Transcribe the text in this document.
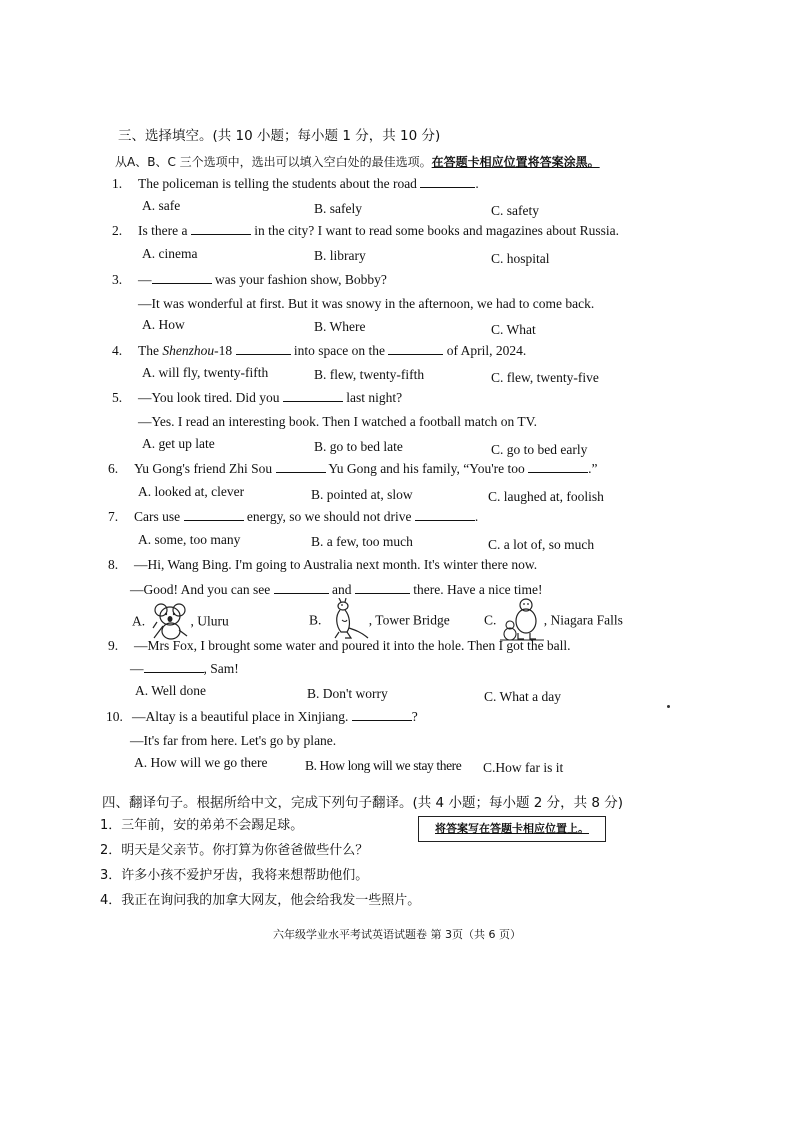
三、选择填空。(共 10 小题；每小题 1 分，共 10 分)
从A、B、C 三个选项中，选出可以填入空白处的最佳选项。在答题卡相应位置将答案涂黑。
1. The policeman is telling the students about the road	.
A. safe	B. safely	C. safety
2. Is there a	in the city? I want to read some books and magazines about Russia.
A. cinema	B. library	C. hospital
3. —	was your fashion show, Bobby?
—It was wonderful at first. But it was snowy in the afternoon, we had to come back.
A. How	B. Where	C. What
4. The Shenzhou-18	into space on the	of April, 2024.
A. will fly, twenty-fifth	B. flew, twenty-fifth	C. flew, twenty-five
5. —You look tired. Did you	last night?
—Yes. I read an interesting book. Then I watched a football match on TV.
A. get up late	B. go to bed late	C. go to bed early
6. Yu Gong's friend Zhi Sou	Yu Gong and his family, “You're too	.”
A. looked at, clever	B. pointed at, slow	C. laughed at, foolish
7. Cars use	energy, so we should not drive	.
A. some, too many	B. a few, too much	C. a lot of, so much
8. —Hi, Wang Bing. I'm going to Australia next month. It's winter there now.
—Good! And you can see	and	there. Have a nice time!
A.	, Uluru	B.	, Tower Bridge	C.	, Niagara Falls
9. —Mrs Fox, I brought some water and poured it into the hole. Then I got the ball.
—	, Sam!
A. Well done	B. Don't worry	C. What a day
10. —Altay is a beautiful place in Xinjiang.	?
—It's far from here. Let's go by plane.
A. How will we go there	B. How long will we stay there C.How far is it
四、翻译句子。根据所给中文，完成下列句子翻译。(共 4 小题；每小题 2 分，共 8 分)
1．三年前，安的弟弟不会踢足球。	将答案写在答题卡相应位置上。
2．明天是父亲节。你打算为你爸爸做些什么？
3．许多小孩不爱护牙齿，我将来想帮助他们。
4．我正在询问我的加拿大网友，他会给我发一些照片。
六年级学业水平考试英语试题卷 第 3页（共 6 页）
